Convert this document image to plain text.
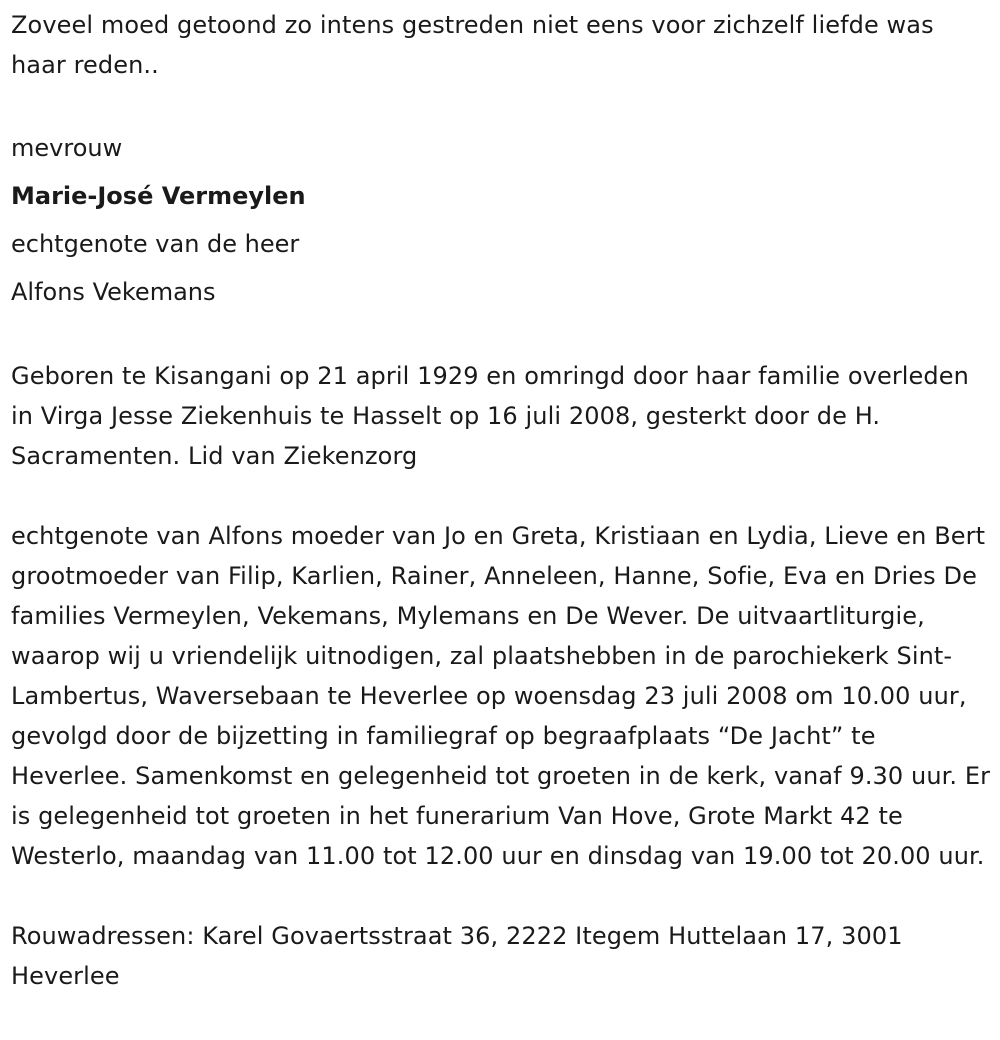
Zoveel moed getoond zo intens gestreden niet eens voor zichzelf liefde was haar reden..

mevrouw

Marie-José Vermeylen

echtgenote van de heer

Alfons Vekemans

Geboren te Kisangani op 21 april 1929 en omringd door haar familie overleden in Virga Jesse Ziekenhuis te Hasselt op 16 juli 2008, gesterkt door de H. Sacramenten. Lid van Ziekenzorg

echtgenote van Alfons moeder van Jo en Greta, Kristiaan en Lydia, Lieve en Bert grootmoeder van Filip, Karlien, Rainer, Anneleen, Hanne, Sofie, Eva en Dries De families Vermeylen, Vekemans, Mylemans en De Wever. De uitvaartliturgie, waarop wij u vriendelijk uitnodigen, zal plaatshebben in de parochiekerk Sint-Lambertus, Waversebaan te Heverlee op woensdag 23 juli 2008 om 10.00 uur, gevolgd door de bijzetting in familiegraf op begraafplaats “De Jacht” te Heverlee. Samenkomst en gelegenheid tot groeten in de kerk, vanaf 9.30 uur. Er is gelegenheid tot groeten in het funerarium Van Hove, Grote Markt 42 te Westerlo, maandag van 11.00 tot 12.00 uur en dinsdag van 19.00 tot 20.00 uur.

Rouwadressen: Karel Govaertsstraat 36, 2222 Itegem Huttelaan 17, 3001 Heverlee
